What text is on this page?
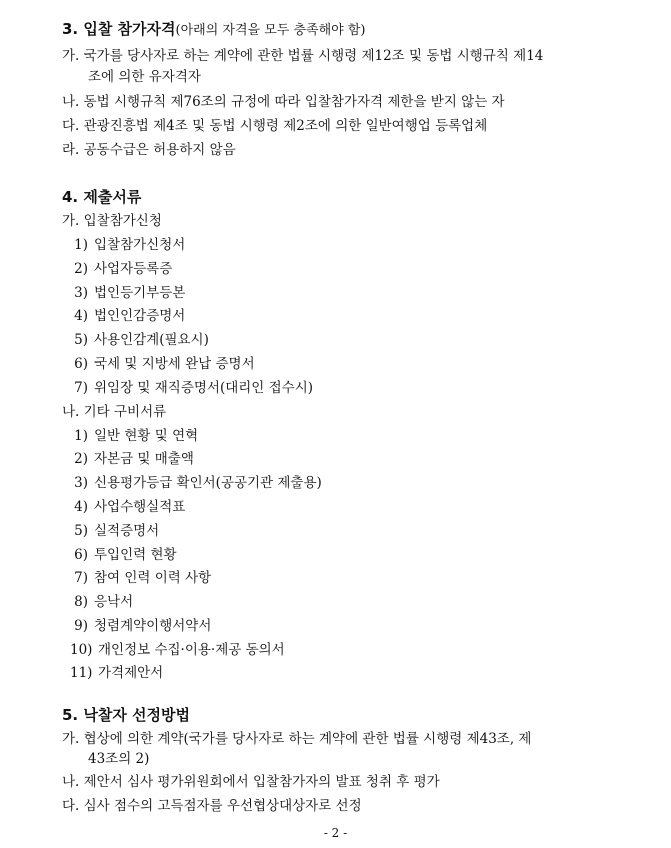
3. 입찰 참가자격(아래의 자격을 모두 충족해야 함)
가. 국가를 당사자로 하는 계약에 관한 법률 시행령 제12조 및 동법 시행규칙 제14
조에 의한 유자격자
나. 동법 시행규칙 제76조의 규정에 따라 입찰참가자격 제한을 받지 않는 자
다. 관광진흥법 제4조 및 동법 시행령 제2조에 의한 일반여행업 등록업체
라. 공동수급은 허용하지 않음
4. 제출서류
가. 입찰참가신청
1) 입찰참가신청서
2) 사업자등록증
3) 법인등기부등본
4) 법인인감증명서
5) 사용인감계(필요시)
6) 국세 및 지방세 완납 증명서
7) 위임장 및 재직증명서(대리인 접수시)
나. 기타 구비서류
1) 일반 현황 및 연혁
2) 자본금 및 매출액
3) 신용평가등급 확인서(공공기관 제출용)
4) 사업수행실적표
5) 실적증명서
6) 투입인력 현황
7) 참여 인력 이력 사항
8) 응낙서
9) 청렴계약이행서약서
10) 개인정보 수집·이용·제공 동의서
11) 가격제안서
5. 낙찰자 선정방법
가. 협상에 의한 계약(국가를 당사자로 하는 계약에 관한 법률 시행령 제43조, 제
43조의 2)
나. 제안서 심사 평가위원회에서 입찰참가자의 발표 청취 후 평가
다. 심사 점수의 고득점자를 우선협상대상자로 선정
- 2 -
